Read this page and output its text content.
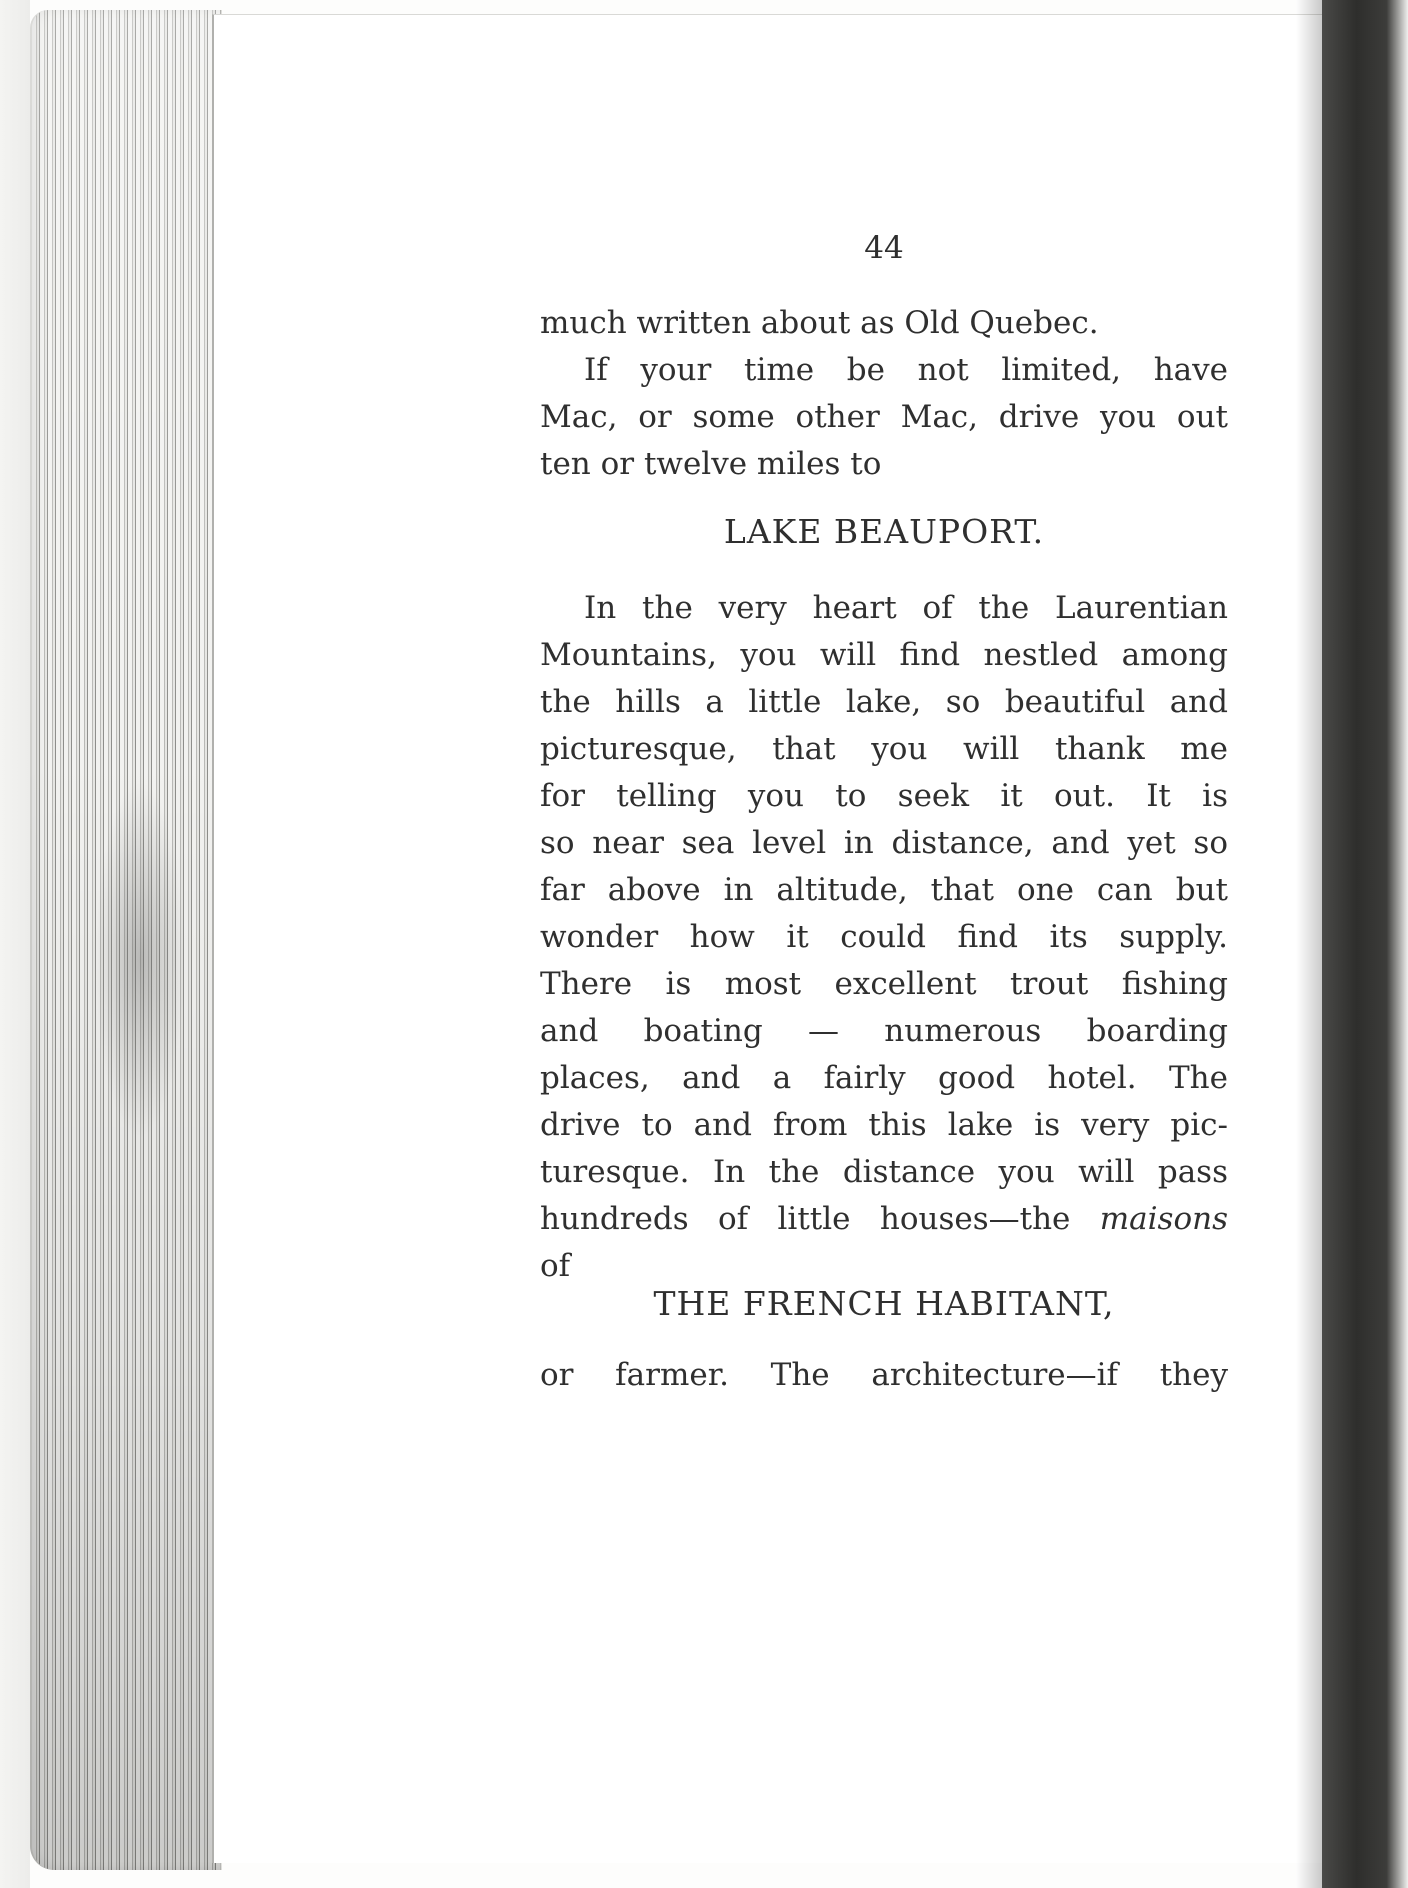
44
much written about as Old Quebec.
If your time be not limited, have
Mac, or some other Mac, drive you out
ten or twelve miles to
LAKE BEAUPORT.
In the very heart of the Laurentian
Mountains, you will find nestled among
the hills a little lake, so beautiful and
picturesque, that you will thank me
for telling you to seek it out. It is
so near sea level in distance, and yet so
far above in altitude, that one can but
wonder how it could find its supply.
There is most excellent trout fishing
and boating — numerous boarding
places, and a fairly good hotel. The
drive to and from this lake is very pic-
turesque. In the distance you will pass
hundreds of little houses—the maisons
of
THE FRENCH HABITANT,
or farmer. The architecture—if they
